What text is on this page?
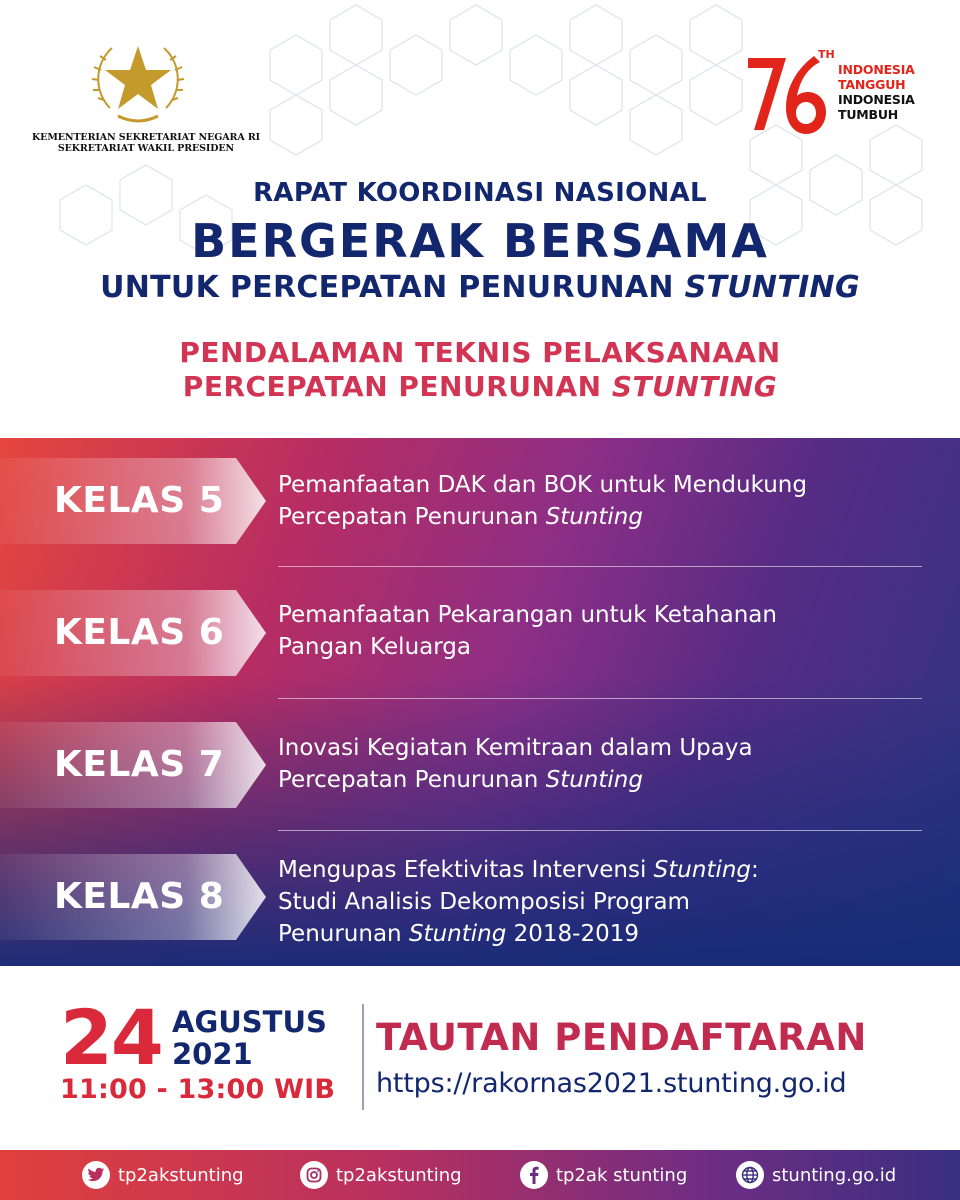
KEMENTERIAN SEKRETARIAT NEGARA RI
SEKRETARIAT WAKIL PRESIDEN
TH
INDONESIA
TANGGUH
INDONESIA
TUMBUH
RAPAT KOORDINASI NASIONAL
BERGERAK BERSAMA
UNTUK PERCEPATAN PENURUNAN STUNTING
PENDALAMAN TEKNIS PELAKSANAAN
PERCEPATAN PENURUNAN STUNTING
KELAS 5 Pemanfaatan DAK dan BOK untuk Mendukung
Percepatan Penurunan Stunting
KELAS 6 Pemanfaatan Pekarangan untuk Ketahanan
Pangan Keluarga
KELAS 7 Inovasi Kegiatan Kemitraan dalam Upaya
Percepatan Penurunan Stunting
KELAS 8
Mengupas Efektivitas Intervensi Stunting:
Studi Analisis Dekomposisi Program
Penurunan Stunting 2018-2019
24 AGUSTUS
2021
11:00 - 13:00 WIB
TAUTAN PENDAFTARAN
https://rakornas2021.stunting.go.id
tp2akstunting	tp2akstunting	tp2ak stunting	stunting.go.id
